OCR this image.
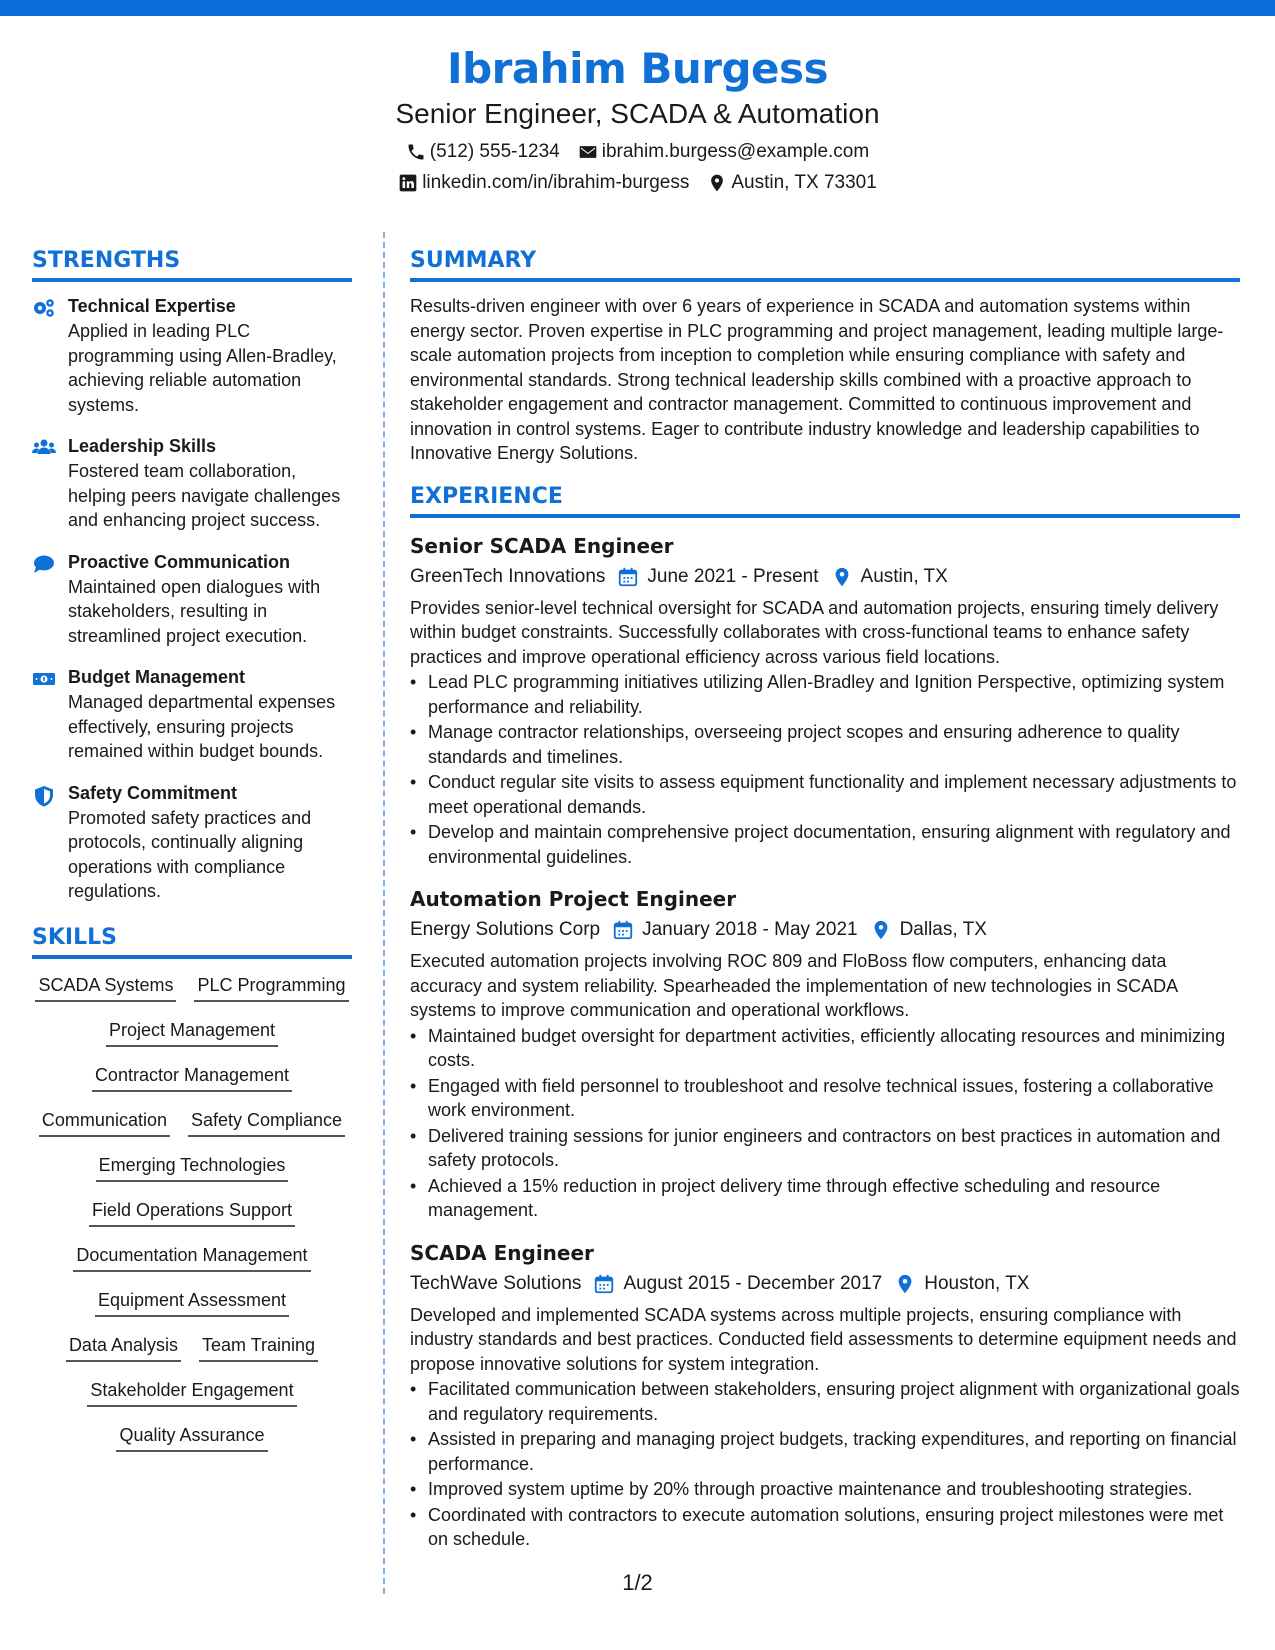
Ibrahim Burgess
Senior Engineer, SCADA & Automation
(512) 555-1234 ibrahim.burgess@example.com
linkedin.com/in/ibrahim-burgess Austin, TX 73301
STRENGTHS
Technical Expertise
Applied in leading PLC programming using Allen-Bradley, achieving reliable automation systems.
Leadership Skills
Fostered team collaboration, helping peers navigate challenges and enhancing project success.
Proactive Communication
Maintained open dialogues with stakeholders, resulting in streamlined project execution.
Budget Management
Managed departmental expenses effectively, ensuring projects remained within budget bounds.
Safety Commitment
Promoted safety practices and protocols, continually aligning operations with compliance regulations.
SKILLS
SCADA Systems PLC Programming
Project Management
Contractor Management
Communication Safety Compliance
Emerging Technologies
Field Operations Support
Documentation Management
Equipment Assessment
Data Analysis Team Training
Stakeholder Engagement
Quality Assurance
SUMMARY
Results-driven engineer with over 6 years of experience in SCADA and automation systems within energy sector. Proven expertise in PLC programming and project management, leading multiple large-scale automation projects from inception to completion while ensuring compliance with safety and environmental standards. Strong technical leadership skills combined with a proactive approach to stakeholder engagement and contractor management. Committed to continuous improvement and innovation in control systems. Eager to contribute industry knowledge and leadership capabilities to Innovative Energy Solutions.
EXPERIENCE
Senior SCADA Engineer
GreenTech Innovations June 2021 - Present Austin, TX
Provides senior-level technical oversight for SCADA and automation projects, ensuring timely delivery within budget constraints. Successfully collaborates with cross-functional teams to enhance safety practices and improve operational efficiency across various field locations.
• Lead PLC programming initiatives utilizing Allen-Bradley and Ignition Perspective, optimizing system performance and reliability.
• Manage contractor relationships, overseeing project scopes and ensuring adherence to quality standards and timelines.
• Conduct regular site visits to assess equipment functionality and implement necessary adjustments to meet operational demands.
• Develop and maintain comprehensive project documentation, ensuring alignment with regulatory and environmental guidelines.
Automation Project Engineer
Energy Solutions Corp January 2018 - May 2021 Dallas, TX
Executed automation projects involving ROC 809 and FloBoss flow computers, enhancing data accuracy and system reliability. Spearheaded the implementation of new technologies in SCADA systems to improve communication and operational workflows.
• Maintained budget oversight for department activities, efficiently allocating resources and minimizing costs.
• Engaged with field personnel to troubleshoot and resolve technical issues, fostering a collaborative work environment.
• Delivered training sessions for junior engineers and contractors on best practices in automation and safety protocols.
• Achieved a 15% reduction in project delivery time through effective scheduling and resource management.
SCADA Engineer
TechWave Solutions August 2015 - December 2017 Houston, TX
Developed and implemented SCADA systems across multiple projects, ensuring compliance with industry standards and best practices. Conducted field assessments to determine equipment needs and propose innovative solutions for system integration.
• Facilitated communication between stakeholders, ensuring project alignment with organizational goals and regulatory requirements.
• Assisted in preparing and managing project budgets, tracking expenditures, and reporting on financial performance.
• Improved system uptime by 20% through proactive maintenance and troubleshooting strategies.
• Coordinated with contractors to execute automation solutions, ensuring project milestones were met on schedule.
1/2
